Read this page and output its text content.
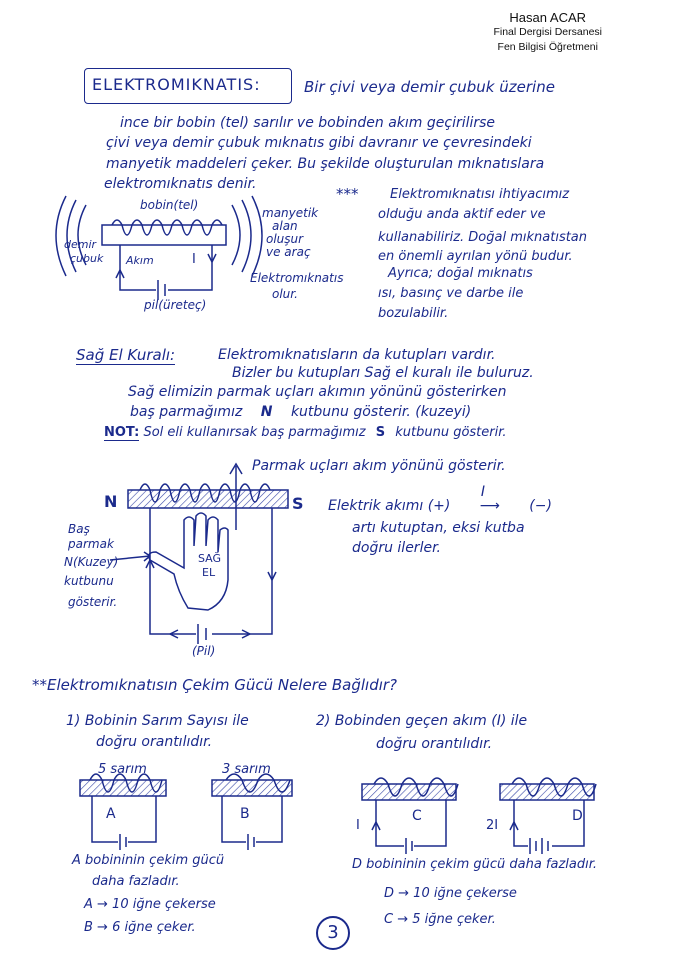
Hasan ACAR
Final Dergisi Dersanesi
Fen Bilgisi Öğretmeni
ELEKTROMIKNATIS:	Bir çivi veya demir çubuk üzerine
ince bir bobin (tel) sarılır ve bobinden akım geçirilirse
çivi veya demir çubuk mıknatıs gibi davranır ve çevresindeki
manyetik maddeleri çeker. Bu şekilde oluşturulan mıknatıslara
elektromıknatıs denir.
bobin(tel)
demir
çubuk Akım	I
pil(üreteç)
manyetik
alan
oluşur
ve araç
Elektromıknatıs
olur.
*** Elektromıknatısı ihtiyacımız
olduğu anda aktif eder ve
kullanabiliriz. Doğal mıknatıstan
en önemli ayrılan yönü budur.
Ayrıca; doğal mıknatıs
ısı, basınç ve darbe ile
bozulabilir.
Sağ El Kuralı:	Elektromıknatısların da kutupları vardır.
Bizler bu kutupları Sağ el kuralı ile buluruz.
Sağ elimizin parmak uçları akımın yönünü gösterirken
baş parmağımız N kutbunu gösterir. (kuzeyi)
NOT: Sol eli kullanırsak baş parmağımız S kutbunu gösterir.
Parmak uçları akım yönünü gösterir.
N	S
Baş
parmak
N(Kuzey)
kutbunu
gösterir.
SAĞ
EL
(Pil)
Elektrik akımı (+)
I
⟶ (−)
artı kutuptan, eksi kutba
doğru ilerler.
**Elektromıknatısın Çekim Gücü Nelere Bağlıdır?
1) Bobinin Sarım Sayısı ile
doğru orantılıdır.
2) Bobinden geçen akım (I) ile
doğru orantılıdır.
5 sarım
A
3 sarım
B	C
I
D
2I
A bobininin çekim gücü
daha fazladır.
A → 10 iğne çekerse
B → 6 iğne çeker.
D bobininin çekim gücü daha fazladır.
D → 10 iğne çekerse
C → 5 iğne çeker.
3
